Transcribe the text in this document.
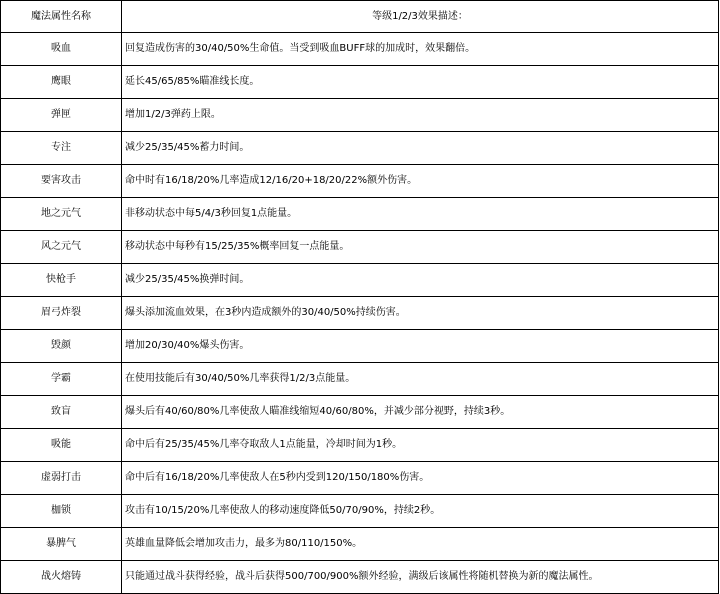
魔法属性名称	等级1/2/3效果描述：
吸血	回复造成伤害的30/40/50%生命值。当受到吸血BUFF球的加成时，效果翻倍。
鹰眼	延长45/65/85%瞄准线长度。
弹匣	增加1/2/3弹药上限。
专注	减少25/35/45%蓄力时间。
要害攻击	命中时有16/18/20%几率造成12/16/20+18/20/22%额外伤害。
地之元气	非移动状态中每5/4/3秒回复1点能量。
风之元气	移动状态中每秒有15/25/35%概率回复一点能量。
快枪手	减少25/35/45%换弹时间。
眉弓炸裂	爆头添加流血效果，在3秒内造成额外的30/40/50%持续伤害。
毁颜	增加20/30/40%爆头伤害。
学霸	在使用技能后有30/40/50%几率获得1/2/3点能量。
致盲	爆头后有40/60/80%几率使敌人瞄准线缩短40/60/80%，并减少部分视野，持续3秒。
吸能	命中后有25/35/45%几率夺取敌人1点能量，冷却时间为1秒。
虚弱打击	命中后有16/18/20%几率使敌人在5秒内受到120/150/180%伤害。
枷锁	攻击有10/15/20%几率使敌人的移动速度降低50/70/90%，持续2秒。
暴脾气	英雄血量降低会增加攻击力，最多为80/110/150%。
战火熔铸	只能通过战斗获得经验，战斗后获得500/700/900%额外经验，满级后该属性将随机替换为新的魔法属性。
